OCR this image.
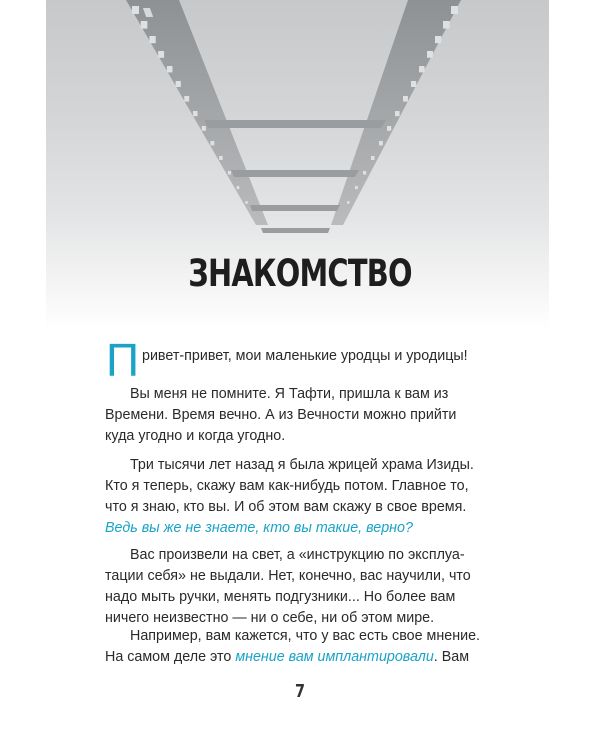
ЗНАКОМСТВО
П ривет-привет, мои маленькие уродцы и уродицы!
Вы меня не помните. Я Тафти, пришла к вам из
Времени. Время вечно. А из Вечности можно прийти
куда угодно и когда угодно.
Три тысячи лет назад я была жрицей храма Изиды.
Кто я теперь, скажу вам как-нибудь потом. Главное то,
что я знаю, кто вы. И об этом вам скажу в свое время.
Ведь вы же не знаете, кто вы такие, верно?
Вас произвели на свет, а «инструкцию по эксплуа-
тации себя» не выдали. Нет, конечно, вас научили, что
надо мыть ручки, менять подгузники... Но более вам
ничего неизвестно — ни о себе, ни об этом мире.
Например, вам кажется, что у вас есть свое мнение.
На самом деле это мнение вам имплантировали. Вам
7
